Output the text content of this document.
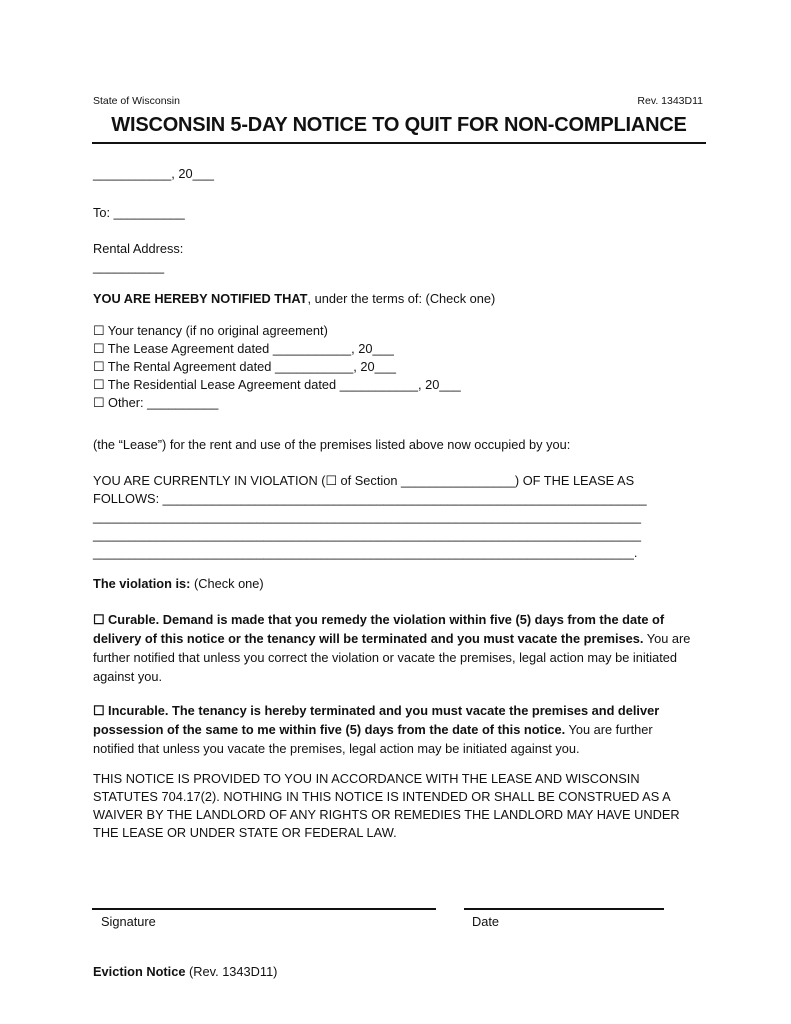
State of Wisconsin	Rev. 1343D11
WISCONSIN 5-DAY NOTICE TO QUIT FOR NON-COMPLIANCE
___________, 20___
To: __________
Rental Address:
__________
YOU ARE HEREBY NOTIFIED THAT, under the terms of: (Check one)
☐ Your tenancy (if no original agreement)
☐ The Lease Agreement dated ___________, 20___
☐ The Rental Agreement dated ___________, 20___
☐ The Residential Lease Agreement dated ___________, 20___
☐ Other: __________
(the “Lease”) for the rent and use of the premises listed above now occupied by you:
YOU ARE CURRENTLY IN VIOLATION (☐ of Section ________________) OF THE LEASE AS
FOLLOWS: ____________________________________________________________________
_____________________________________________________________________________
_____________________________________________________________________________
____________________________________________________________________________.
The violation is: (Check one)
☐ Curable. Demand is made that you remedy the violation within five (5) days from the date of
delivery of this notice or the tenancy will be terminated and you must vacate the premises. You are
further notified that unless you correct the violation or vacate the premises, legal action may be initiated
against you.
☐ Incurable. The tenancy is hereby terminated and you must vacate the premises and deliver
possession of the same to me within five (5) days from the date of this notice. You are further
notified that unless you vacate the premises, legal action may be initiated against you.
THIS NOTICE IS PROVIDED TO YOU IN ACCORDANCE WITH THE LEASE AND WISCONSIN
STATUTES 704.17(2). NOTHING IN THIS NOTICE IS INTENDED OR SHALL BE CONSTRUED AS A
WAIVER BY THE LANDLORD OF ANY RIGHTS OR REMEDIES THE LANDLORD MAY HAVE UNDER
THE LEASE OR UNDER STATE OR FEDERAL LAW.
Signature	Date
Eviction Notice (Rev. 1343D11)
